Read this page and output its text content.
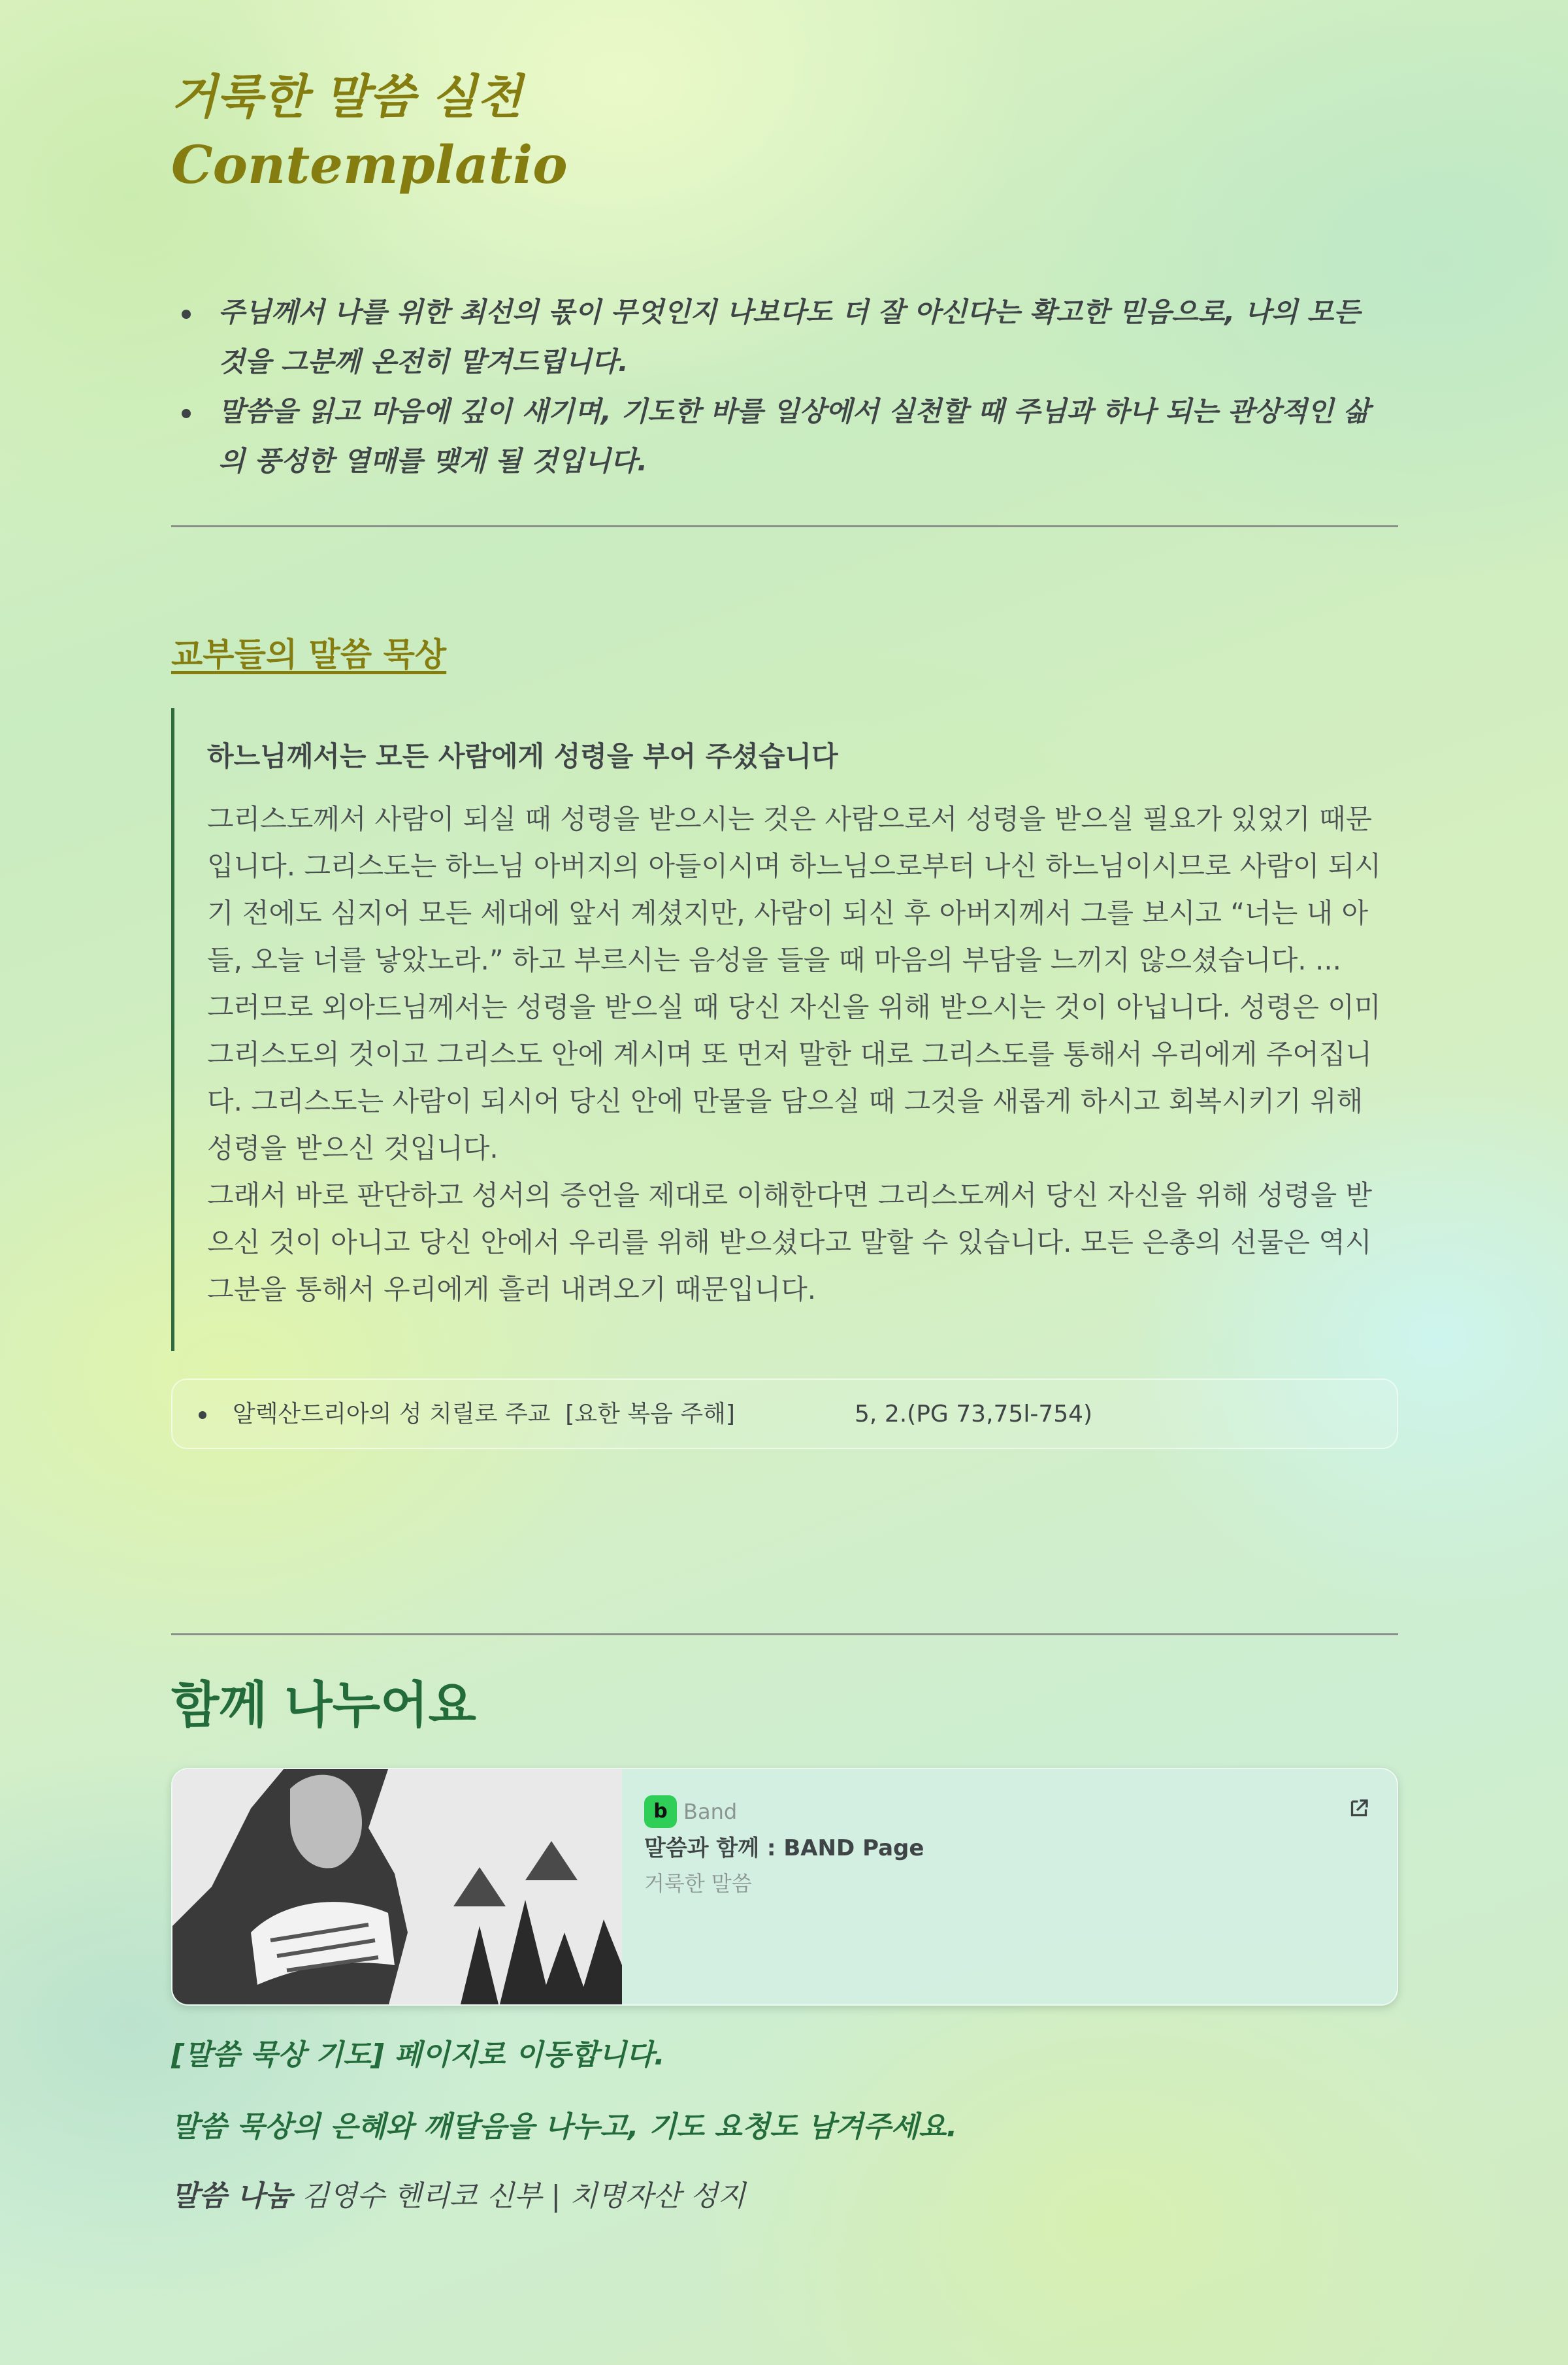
거룩한 말씀 실천

Contemplatio

주님께서 나를 위한 최선의 몫이 무엇인지 나보다도 더 잘 아신다는 확고한 믿음으로, 나의 모든 것을 그분께 온전히 맡겨드립니다.
말씀을 읽고 마음에 깊이 새기며, 기도한 바를 일상에서 실천할 때 주님과 하나 되는 관상적인 삶의 풍성한 열매를 맺게 될 것입니다.
교부들의 말씀 묵상

하느님께서는 모든 사람에게 성령을 부어 주셨습니다

그리스도께서 사람이 되실 때 성령을 받으시는 것은 사람으로서 성령을 받으실 필요가 있었기 때문입니다. 그리스도는 하느님 아버지의 아들이시며 하느님으로부터 나신 하느님이시므로 사람이 되시기 전에도 심지어 모든 세대에 앞서 계셨지만, 사람이 되신 후 아버지께서 그를 보시고 “너는 내 아들, 오늘 너를 낳았노라.” 하고 부르시는 음성을 들을 때 마음의 부담을 느끼지 않으셨습니다. ...

그러므로 외아드님께서는 성령을 받으실 때 당신 자신을 위해 받으시는 것이 아닙니다. 성령은 이미 그리스도의 것이고 그리스도 안에 계시며 또 먼저 말한 대로 그리스도를 통해서 우리에게 주어집니다. 그리스도는 사람이 되시어 당신 안에 만물을 담으실 때 그것을 새롭게 하시고 회복시키기 위해 성령을 받으신 것입니다.

그래서 바로 판단하고 성서의 증언을 제대로 이해한다면 그리스도께서 당신 자신을 위해 성령을 받으신 것이 아니고 당신 안에서 우리를 위해 받으셨다고 말할 수 있습니다. 모든 은총의 선물은 역시 그분을 통해서 우리에게 흘러 내려오기 때문입니다.

알렉산드리아의 성 치릴로 주교  [요한 복음 주해]                5, 2.(PG 73,75l-754)
함께 나누어요
b Band
말씀과 함께 : BAND Page
거룩한 말씀

[말씀 묵상 기도] 페이지로 이동합니다.

말씀 묵상의 은혜와 깨달음을 나누고, 기도 요청도 남겨주세요.

말씀 나눔 김영수 헨리코 신부 | 치명자산 성지
